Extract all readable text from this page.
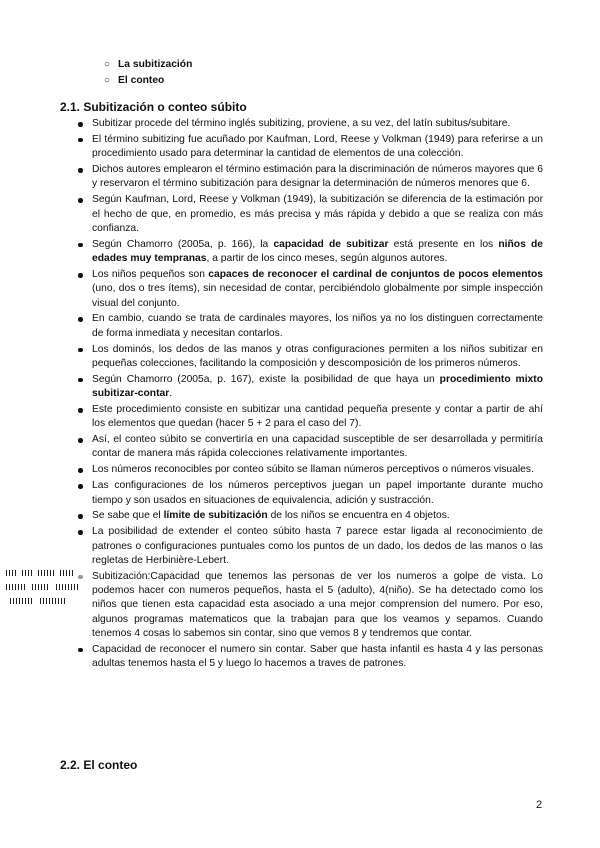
○ La subitización
○ El conteo
2.1. Subitización o conteo súbito
Subitizar procede del término inglés subitizing, proviene, a su vez, del latín subitus/subitare.
El término subitizing fue acuñado por Kaufman, Lord, Reese y Volkman (1949) para referirse a un procedimiento usado para determinar la cantidad de elementos de una colección.
Dichos autores emplearon el término estimación para la discriminación de números mayores que 6 y reservaron el término subitización para designar la determinación de números menores que 6.
Según Kaufman, Lord, Reese y Volkman (1949), la subitización se diferencia de la estimación por el hecho de que, en promedio, es más precisa y más rápida y debido a que se realiza con más confianza.
Según Chamorro (2005a, p. 166), la capacidad de subitizar está presente en los niños de edades muy tempranas, a partir de los cinco meses, según algunos autores.
Los niños pequeños son capaces de reconocer el cardinal de conjuntos de pocos elementos (uno, dos o tres ítems), sin necesidad de contar, percibiéndolo globalmente por simple inspección visual del conjunto.
En cambio, cuando se trata de cardinales mayores, los niños ya no los distinguen correctamente de forma inmediata y necesitan contarlos.
Los dominós, los dedos de las manos y otras configuraciones permiten a los niños subitizar en pequeñas colecciones, facilitando la composición y descomposición de los primeros números.
Según Chamorro (2005a, p. 167), existe la posibilidad de que haya un procedimiento mixto subitizar-contar.
Este procedimiento consiste en subitizar una cantidad pequeña presente y contar a partir de ahí los elementos que quedan (hacer 5 + 2 para el caso del 7).
Así, el conteo súbito se convertiría en una capacidad susceptible de ser desarrollada y permitiría contar de manera más rápida colecciones relativamente importantes.
Los números reconocibles por conteo súbito se llaman números perceptivos o números visuales.
Las configuraciones de los números perceptivos juegan un papel importante durante mucho tiempo y son usados en situaciones de equivalencia, adición y sustracción.
Se sabe que el límite de subitización de los niños se encuentra en 4 objetos.
La posibilidad de extender el conteo súbito hasta 7 parece estar ligada al reconocimiento de patrones o configuraciones puntuales como los puntos de un dado, los dedos de las manos o las regletas de Herbinière-Lebert.
Subitización:Capacidad que tenemos las personas de ver los numeros a golpe de vista. Lo podemos hacer con numeros pequeños, hasta el 5 (adulto), 4(niño). Se ha detectado como los niños que tienen esta capacidad esta asociado a una mejor comprension del numero. Por eso, algunos programas matematicos que la trabajan para que los veamos y sepamos. Cuando tenemos 4 cosas lo sabemos sin contar, sino que vemos 8 y tendremos que contar.
Capacidad de reconocer el numero sin contar. Saber que hasta infantil es hasta 4 y las personas adultas tenemos hasta el 5 y luego lo hacemos a traves de patrones.
2.2. El conteo
2
